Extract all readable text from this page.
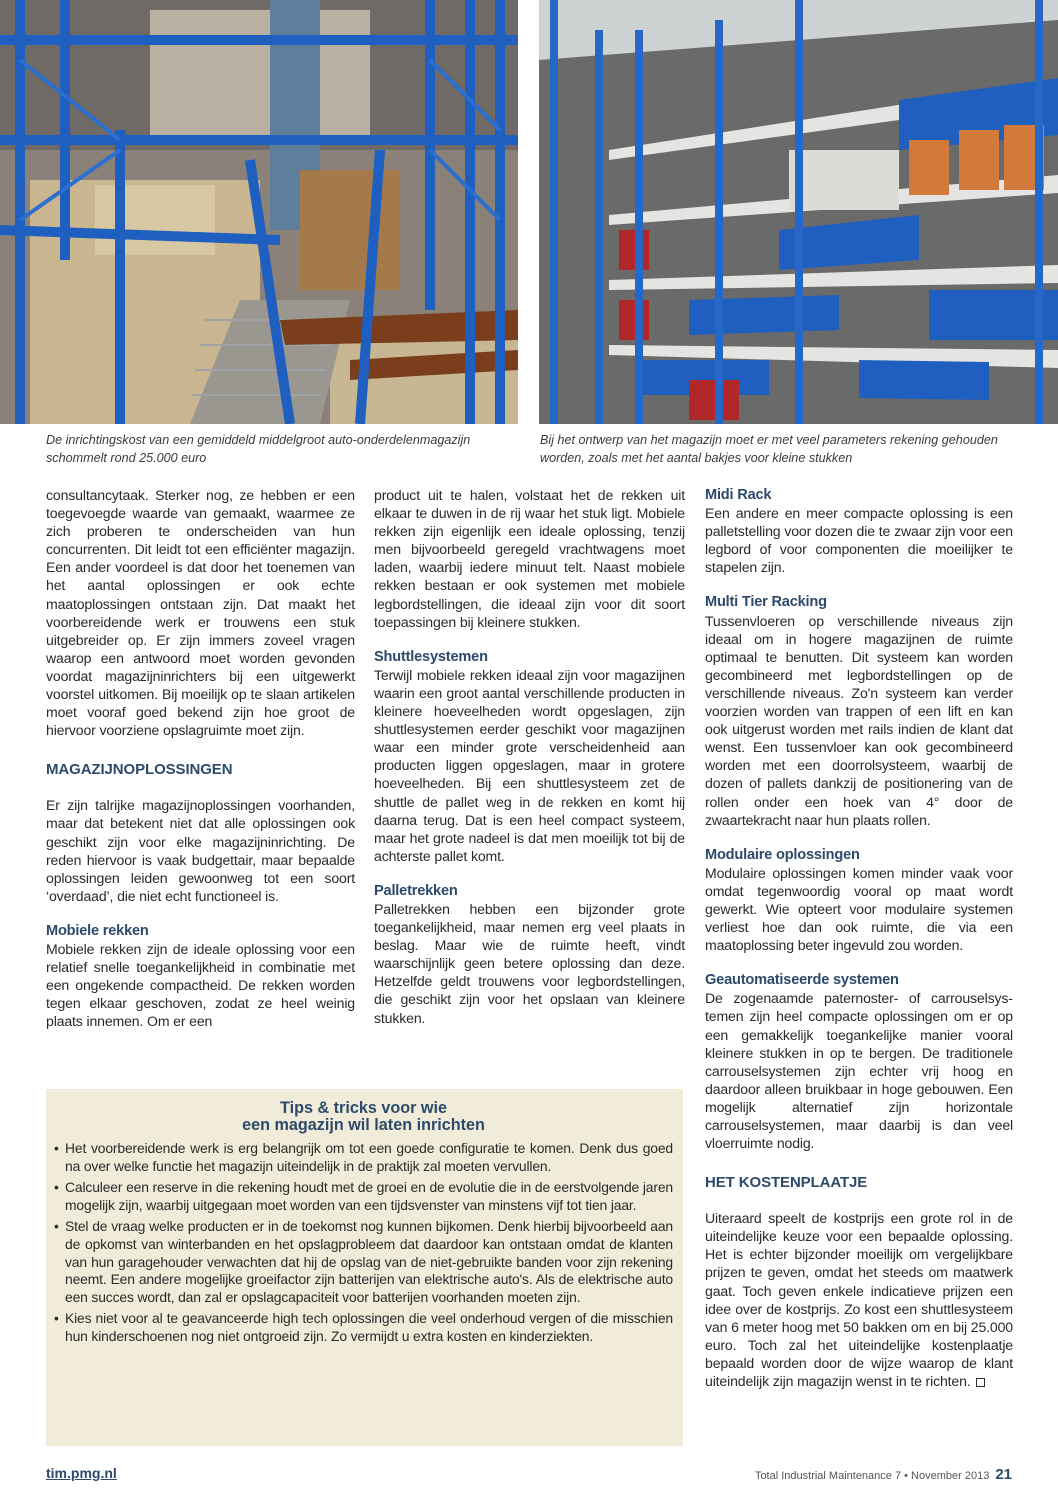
De inrichtingskost van een gemiddeld middelgroot auto-onderdelenmagazijn schommelt rond 25.000 euro

Bij het ontwerp van het magazijn moet er met veel parameters rekening gehouden worden, zoals met het aantal bakjes voor kleine stukken

consultancytaak. Sterker nog, ze hebben er een toegevoegde waarde van gemaakt, waarmee ze zich proberen te onderscheiden van hun concurrenten. Dit leidt tot een efficiënter magazijn. Een ander voordeel is dat door het toenemen van het aantal oplossingen er ook echte maatoplossingen ontstaan zijn. Dat maakt het voorbereidende werk er trouwens een stuk uitgebreider op. Er zijn immers zoveel vragen waarop een antwoord moet worden gevonden voordat magazijninrichters bij een uitgewerkt voorstel uitkomen. Bij moeilijk op te slaan artikelen moet vooraf goed bekend zijn hoe groot de hiervoor voorziene opslagruimte moet zijn.

MAGAZIJNOPLOSSINGEN

Er zijn talrijke magazijnoplossingen voorhanden, maar dat betekent niet dat alle oplossingen ook geschikt zijn voor elke magazijninrichting. De reden hiervoor is vaak budgettair, maar bepaalde oplossingen leiden gewoonweg tot een soort ‘overdaad’, die niet echt functioneel is.

Mobiele rekken

Mobiele rekken zijn de ideale oplossing voor een relatief snelle toegankelijkheid in combinatie met een ongekende compactheid. De rekken worden tegen elkaar geschoven, zodat ze heel weinig plaats innemen. Om er een

product uit te halen, volstaat het de rekken uit elkaar te duwen in de rij waar het stuk ligt. Mobiele rekken zijn eigenlijk een ideale oplossing, tenzij men bijvoorbeeld geregeld vrachtwagens moet laden, waarbij iedere minuut telt. Naast mobiele rekken bestaan er ook systemen met mobiele legbordstellingen, die ideaal zijn voor dit soort toepassingen bij kleinere stukken.

Shuttlesystemen

Terwijl mobiele rekken ideaal zijn voor magazijnen waarin een groot aantal verschillende producten in kleinere hoeveelheden wordt opgeslagen, zijn shuttlesystemen eerder geschikt voor magazijnen waar een minder grote verscheidenheid aan producten liggen opgeslagen, maar in grotere hoeveelheden. Bij een shuttlesysteem zet de shuttle de pallet weg in de rekken en komt hij daarna terug. Dat is een heel compact systeem, maar het grote nadeel is dat men moeilijk tot bij de achterste pallet komt.

Palletrekken

Palletrekken hebben een bijzonder grote toegankelijkheid, maar nemen erg veel plaats in beslag. Maar wie de ruimte heeft, vindt waarschijnlijk geen betere oplossing dan deze. Hetzelfde geldt trouwens voor legbordstellingen, die geschikt zijn voor het opslaan van kleinere stukken.

Midi Rack

Een andere en meer compacte oplossing is een palletstelling voor dozen die te zwaar zijn voor een legbord of voor componenten die moeilijker te stapelen zijn.

Multi Tier Racking

Tussenvloeren op verschillende niveaus zijn ideaal om in hogere magazijnen de ruimte optimaal te benutten. Dit systeem kan worden gecombineerd met legbordstellingen op de verschillende niveaus. Zo'n systeem kan verder voorzien worden van trappen of een lift en kan ook uitgerust worden met rails indien de klant dat wenst. Een tussenvloer kan ook gecombineerd worden met een doorrolsysteem, waarbij de dozen of pallets dankzij de positionering van de rollen onder een hoek van 4° door de zwaartekracht naar hun plaats rollen.

Modulaire oplossingen

Modulaire oplossingen komen minder vaak voor omdat tegenwoordig vooral op maat wordt gewerkt. Wie opteert voor modulaire systemen verliest hoe dan ook ruimte, die via een maatoplossing beter ingevuld zou worden.

Geautomatiseerde systemen

De zogenaamde paternoster- of carrouselsystemen zijn heel compacte oplossingen om er op een gemakkelijk toegankelijke manier vooral kleinere stukken in op te bergen. De traditionele carrouselsystemen zijn echter vrij hoog en daardoor alleen bruikbaar in hoge gebouwen. Een mogelijk alternatief zijn horizontale carrouselsystemen, maar daarbij is dan veel vloerruimte nodig.

HET KOSTENPLAATJE

Uiteraard speelt de kostprijs een grote rol in de uiteindelijke keuze voor een bepaalde oplossing. Het is echter bijzonder moeilijk om vergelijkbare prijzen te geven, omdat het steeds om maatwerk gaat. Toch geven enkele indicatieve prijzen een idee over de kostprijs. Zo kost een shuttlesysteem van 6 meter hoog met 50 bakken om en bij 25.000 euro. Toch zal het uiteindelijke kostenplaatje bepaald worden door de wijze waarop de klant uiteindelijk zijn magazijn wenst in te richten.

Tips & tricks voor wie
een magazijn wil laten inrichten
• Het voorbereidende werk is erg belangrijk om tot een goede configuratie te komen. Denk dus goed na over welke functie het magazijn uiteindelijk in de praktijk zal moeten vervullen.
• Calculeer een reserve in die rekening houdt met de groei en de evolutie die in de eerstvolgende jaren mogelijk zijn, waarbij uitgegaan moet worden van een tijdsvenster van minstens vijf tot tien jaar.
• Stel de vraag welke producten er in de toekomst nog kunnen bijkomen. Denk hierbij bijvoorbeeld aan de opkomst van winterbanden en het opslagprobleem dat daardoor kan ontstaan omdat de klanten van hun garagehouder verwachten dat hij de opslag van de niet-gebruikte banden voor zijn rekening neemt. Een andere mogelijke groeifactor zijn batterijen van elektrische auto's. Als de elektrische auto een succes wordt, dan zal er opslagcapaciteit voor batterijen voorhanden moeten zijn.
• Kies niet voor al te geavanceerde high tech oplossingen die veel onderhoud vergen of die misschien hun kinderschoenen nog niet ontgroeid zijn. Zo vermijdt u extra kosten en kinderziekten.
tim.pmg.nl	Total Industrial Maintenance 7 • November 2013 21
